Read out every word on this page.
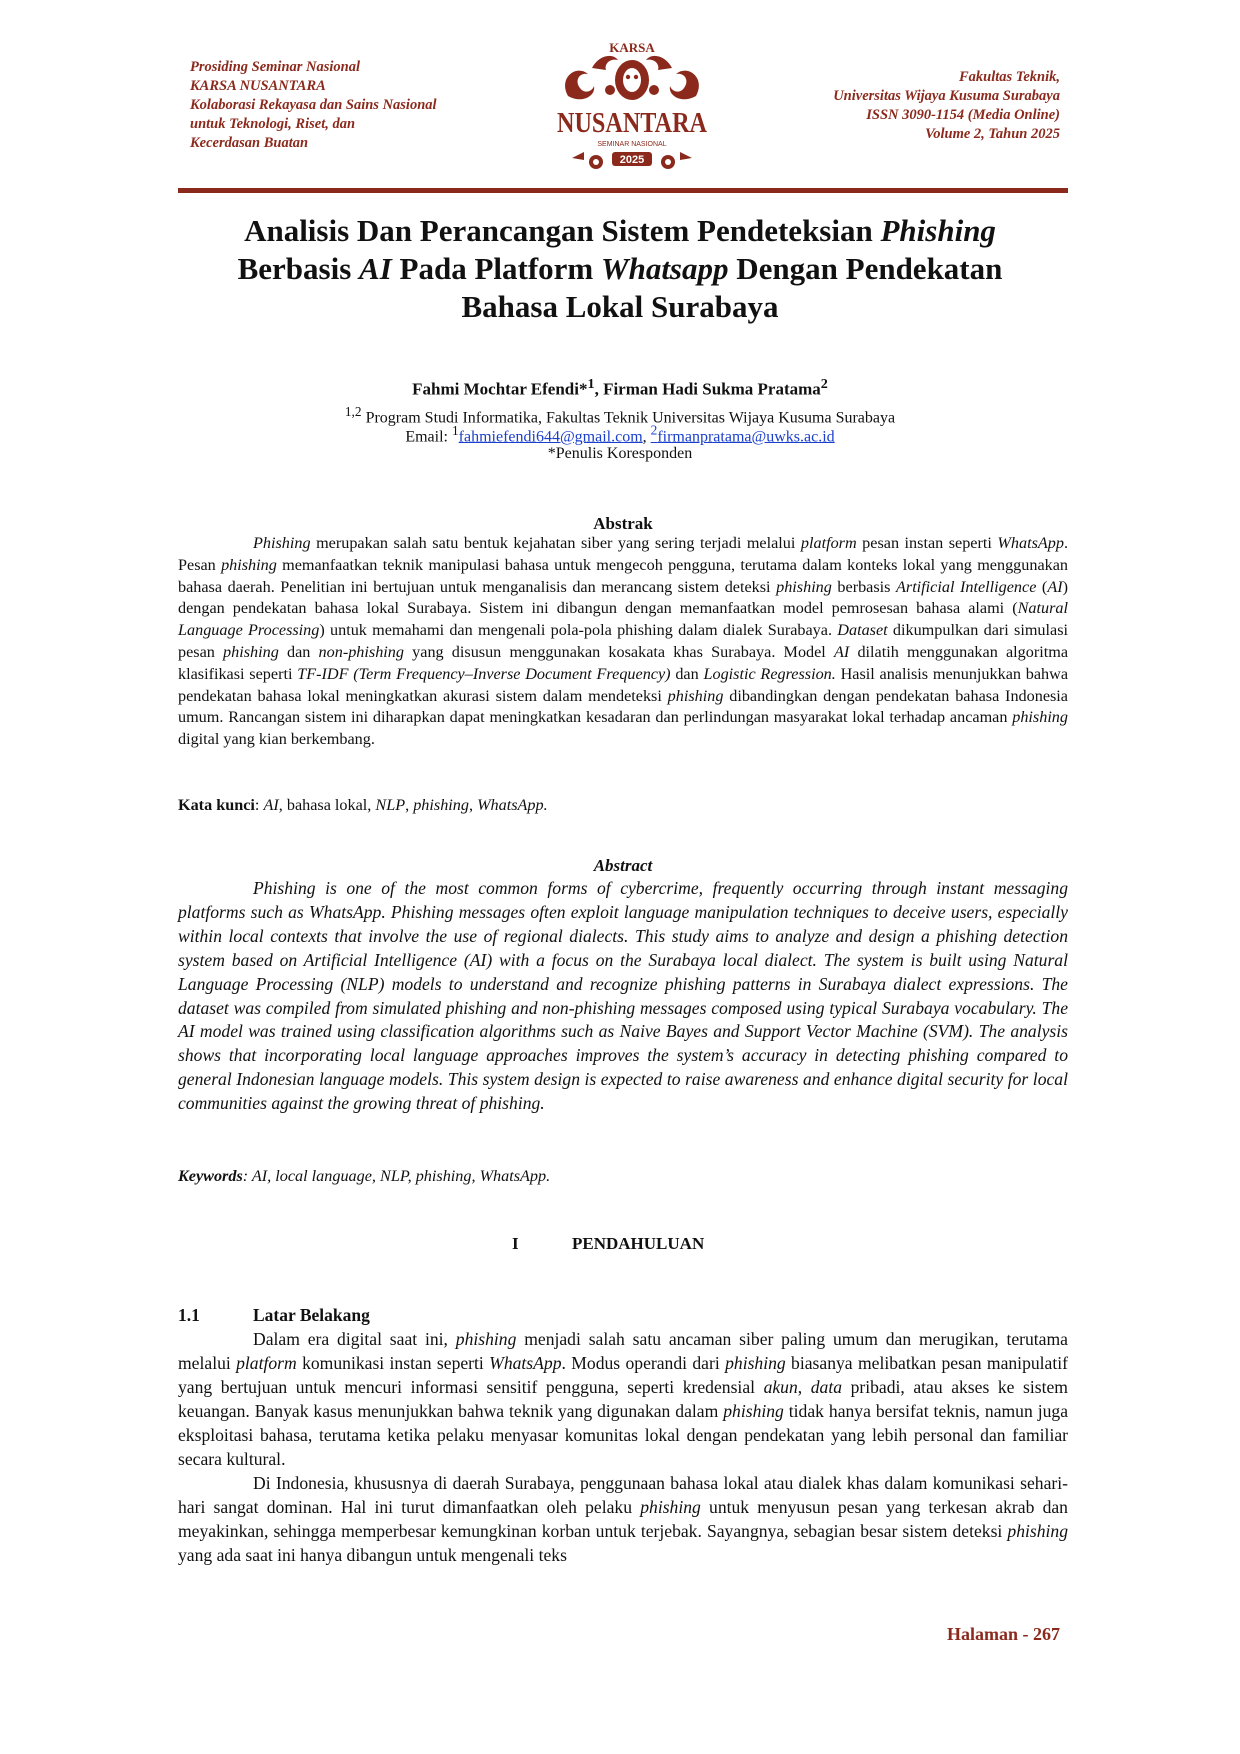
Prosiding Seminar Nasional
KARSA NUSANTARA
Kolaborasi Rekayasa dan Sains Nasional
untuk Teknologi, Riset, dan
Kecerdasan Buatan
KARSA
NUSANTARA
SEMINAR NASIONAL
2025
Fakultas Teknik,
Universitas Wijaya Kusuma Surabaya
ISSN 3090-1154 (Media Online)
Volume 2, Tahun 2025
Analisis Dan Perancangan Sistem Pendeteksian Phishing
Berbasis AI Pada Platform Whatsapp Dengan Pendekatan
Bahasa Lokal Surabaya
Fahmi Mochtar Efendi*$^1$, Firman Hadi Sukma Pratama$^2$
$^{1,2}$ Program Studi Informatika, Fakultas Teknik Universitas Wijaya Kusuma Surabaya
Email: $^1$fahmiefendi644@gmail.com, $^2$firmanpratama@uwks.ac.id
*Penulis Koresponden
Abstrak
Phishing merupakan salah satu bentuk kejahatan siber yang sering terjadi melalui platform pesan instan seperti WhatsApp. Pesan phishing memanfaatkan teknik manipulasi bahasa untuk mengecoh pengguna, terutama dalam konteks lokal yang menggunakan bahasa daerah. Penelitian ini bertujuan untuk menganalisis dan merancang sistem deteksi phishing berbasis Artificial Intelligence (AI) dengan pendekatan bahasa lokal Surabaya. Sistem ini dibangun dengan memanfaatkan model pemrosesan bahasa alami (Natural Language Processing) untuk memahami dan mengenali pola-pola phishing dalam dialek Surabaya. Dataset dikumpulkan dari simulasi pesan phishing dan non-phishing yang disusun menggunakan kosakata khas Surabaya. Model AI dilatih menggunakan algoritma klasifikasi seperti TF-IDF (Term Frequency–Inverse Document Frequency) dan Logistic Regression. Hasil analisis menunjukkan bahwa pendekatan bahasa lokal meningkatkan akurasi sistem dalam mendeteksi phishing dibandingkan dengan pendekatan bahasa Indonesia umum. Rancangan sistem ini diharapkan dapat meningkatkan kesadaran dan perlindungan masyarakat lokal terhadap ancaman phishing digital yang kian berkembang.
Kata kunci: AI, bahasa lokal, NLP, phishing, WhatsApp.
Abstract
Phishing is one of the most common forms of cybercrime, frequently occurring through instant messaging platforms such as WhatsApp. Phishing messages often exploit language manipulation techniques to deceive users, especially within local contexts that involve the use of regional dialects. This study aims to analyze and design a phishing detection system based on Artificial Intelligence (AI) with a focus on the Surabaya local dialect. The system is built using Natural Language Processing (NLP) models to understand and recognize phishing patterns in Surabaya dialect expressions. The dataset was compiled from simulated phishing and non-phishing messages composed using typical Surabaya vocabulary. The AI model was trained using classification algorithms such as Naive Bayes and Support Vector Machine (SVM). The analysis shows that incorporating local language approaches improves the system’s accuracy in detecting phishing compared to general Indonesian language models. This system design is expected to raise awareness and enhance digital security for local communities against the growing threat of phishing.
Keywords: AI, local language, NLP, phishing, WhatsApp.
I	PENDAHULUAN
1.1	Latar Belakang
Dalam era digital saat ini, phishing menjadi salah satu ancaman siber paling umum dan merugikan, terutama melalui platform komunikasi instan seperti WhatsApp. Modus operandi dari phishing biasanya melibatkan pesan manipulatif yang bertujuan untuk mencuri informasi sensitif pengguna, seperti kredensial akun, data pribadi, atau akses ke sistem keuangan. Banyak kasus menunjukkan bahwa teknik yang digunakan dalam phishing tidak hanya bersifat teknis, namun juga eksploitasi bahasa, terutama ketika pelaku menyasar komunitas lokal dengan pendekatan yang lebih personal dan familiar secara kultural.
Di Indonesia, khususnya di daerah Surabaya, penggunaan bahasa lokal atau dialek khas dalam komunikasi sehari-hari sangat dominan. Hal ini turut dimanfaatkan oleh pelaku phishing untuk menyusun pesan yang terkesan akrab dan meyakinkan, sehingga memperbesar kemungkinan korban untuk terjebak. Sayangnya, sebagian besar sistem deteksi phishing yang ada saat ini hanya dibangun untuk mengenali teks
Halaman - 267
